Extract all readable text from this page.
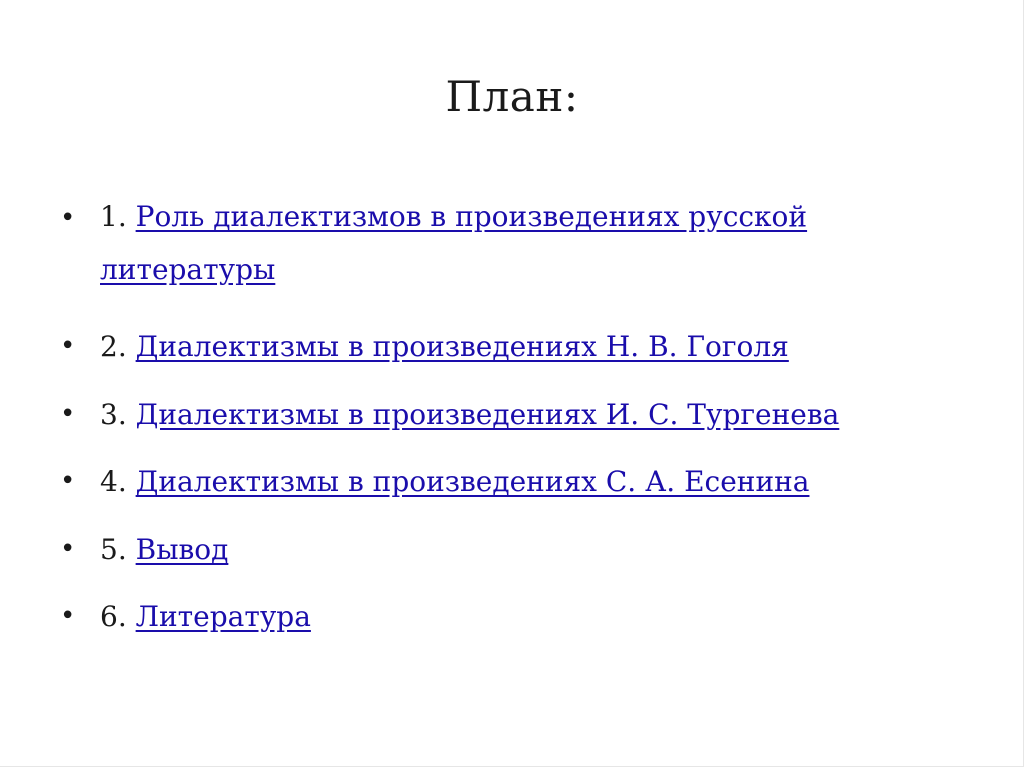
План:
• 1. Роль диалектизмов в произведениях русской литературы
• 2. Диалектизмы в произведениях Н. В. Гоголя
• 3. Диалектизмы в произведениях И. С. Тургенева
• 4. Диалектизмы в произведениях С. А. Есенина
• 5. Вывод
• 6. Литература
